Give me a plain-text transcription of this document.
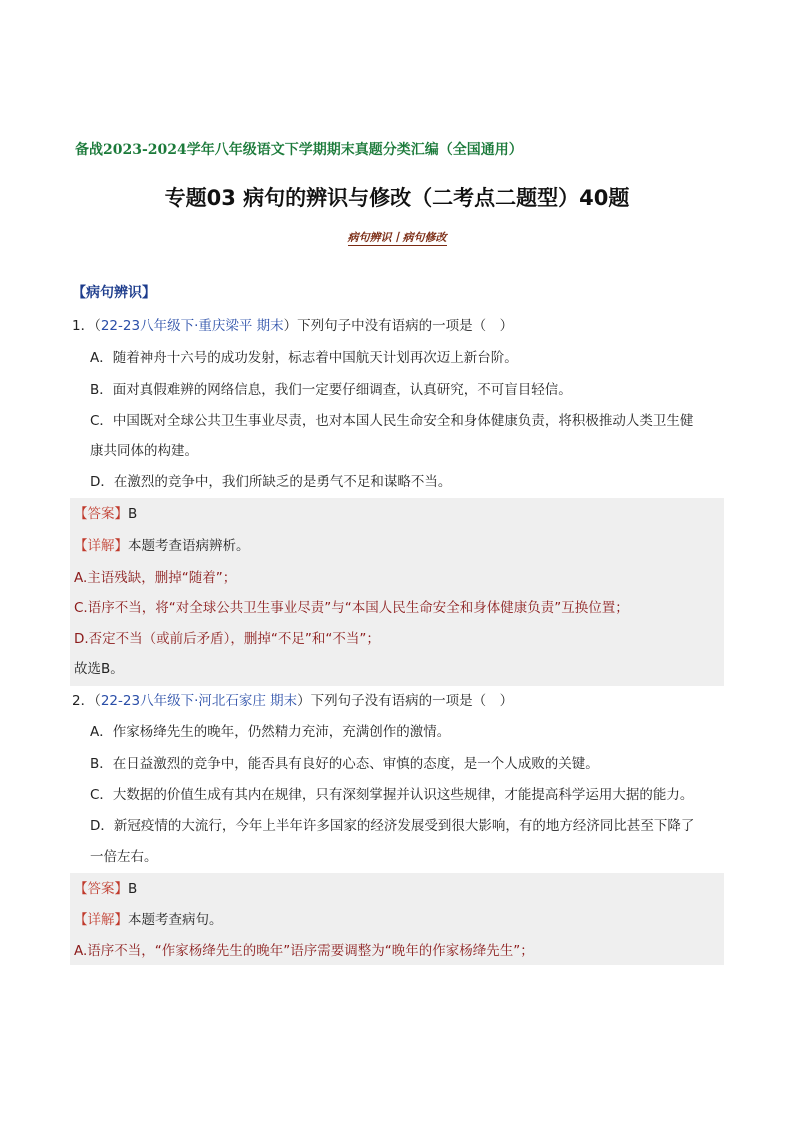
备战2023-2024学年八年级语文下学期期末真题分类汇编（全国通用）
专题03 病句的辨识与修改（二考点二题型）40题
病句辨识丨病句修改
【病句辨识】
1．（22-23八年级下·重庆梁平 期末）下列句子中没有语病的一项是（　）
A．随着神舟十六号的成功发射，标志着中国航天计划再次迈上新台阶。
B．面对真假难辨的网络信息，我们一定要仔细调查，认真研究，不可盲目轻信。
C．中国既对全球公共卫生事业尽责，也对本国人民生命安全和身体健康负责，将积极推动人类卫生健
康共同体的构建。
D．在激烈的竞争中，我们所缺乏的是勇气不足和谋略不当。
【答案】B
【详解】本题考查语病辨析。
A.主语残缺，删掉“随着”；
C.语序不当，将“对全球公共卫生事业尽责”与“本国人民生命安全和身体健康负责”互换位置；
D.否定不当（或前后矛盾），删掉“不足”和“不当”；
故选B。
2．（22-23八年级下·河北石家庄 期末）下列句子没有语病的一项是（　）
A．作家杨绛先生的晚年，仍然精力充沛，充满创作的激情。
B．在日益激烈的竞争中，能否具有良好的心态、审慎的态度，是一个人成败的关键。
C．大数据的价值生成有其内在规律，只有深刻掌握并认识这些规律，才能提高科学运用大据的能力。
D．新冠疫情的大流行，今年上半年许多国家的经济发展受到很大影响，有的地方经济同比甚至下降了
一倍左右。
【答案】B
【详解】本题考查病句。
A.语序不当，“作家杨绛先生的晚年”语序需要调整为“晚年的作家杨绛先生”；
